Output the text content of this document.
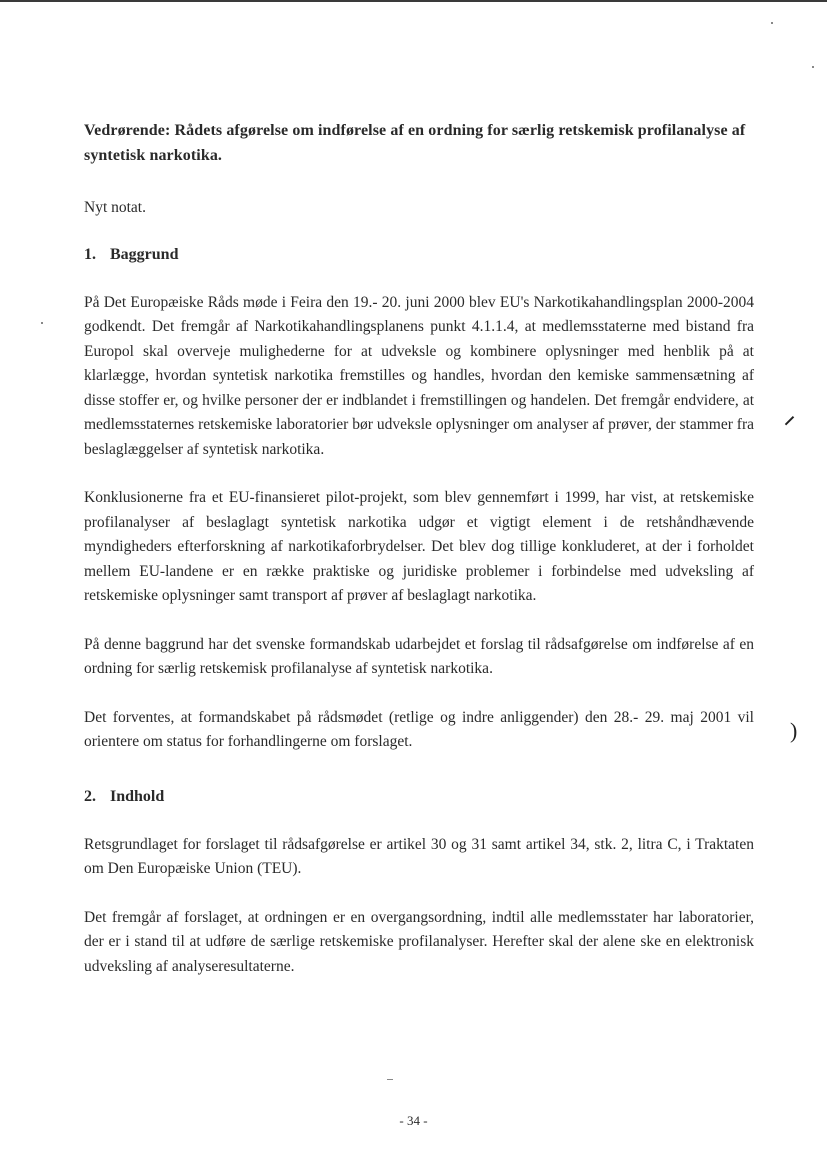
⸝
)

Vedrørende: Rådets afgørelse om indførelse af en ordning for særlig retskemisk profilanalyse af syntetisk narkotika.

Nyt notat.

1. Baggrund

På Det Europæiske Råds møde i Feira den 19.- 20. juni 2000 blev EU's Narkotikahandlingsplan 2000-2004 godkendt. Det fremgår af Narkotikahandlingsplanens punkt 4.1.1.4, at medlemsstaterne med bistand fra Europol skal overveje mulighederne for at udveksle og kombinere oplysninger med henblik på at klarlægge, hvordan syntetisk narkotika fremstilles og handles, hvordan den kemiske sammensætning af disse stoffer er, og hvilke personer der er indblandet i fremstillingen og handelen. Det fremgår endvidere, at medlemsstaternes retskemiske laboratorier bør udveksle oplysninger om analyser af prøver, der stammer fra beslaglæggelser af syntetisk narkotika.

Konklusionerne fra et EU-finansieret pilot-projekt, som blev gennemført i 1999, har vist, at retskemiske profilanalyser af beslaglagt syntetisk narkotika udgør et vigtigt element i de retshåndhævende myndigheders efterforskning af narkotikaforbrydelser. Det blev dog tillige konkluderet, at der i forholdet mellem EU-landene er en række praktiske og juridiske problemer i forbindelse med udveksling af retskemiske oplysninger samt transport af prøver af beslaglagt narkotika.

På denne baggrund har det svenske formandskab udarbejdet et forslag til rådsafgørelse om indførelse af en ordning for særlig retskemisk profilanalyse af syntetisk narkotika.

Det forventes, at formandskabet på rådsmødet (retlige og indre anliggender) den 28.- 29. maj 2001 vil orientere om status for forhandlingerne om forslaget.

2. Indhold

Retsgrundlaget for forslaget til rådsafgørelse er artikel 30 og 31 samt artikel 34, stk. 2, litra C, i Traktaten om Den Europæiske Union (TEU).

Det fremgår af forslaget, at ordningen er en overgangsordning, indtil alle medlemsstater har laboratorier, der er i stand til at udføre de særlige retskemiske profilanalyser. Herefter skal der alene ske en elektronisk udveksling af analyseresultaterne.

- 34 -
